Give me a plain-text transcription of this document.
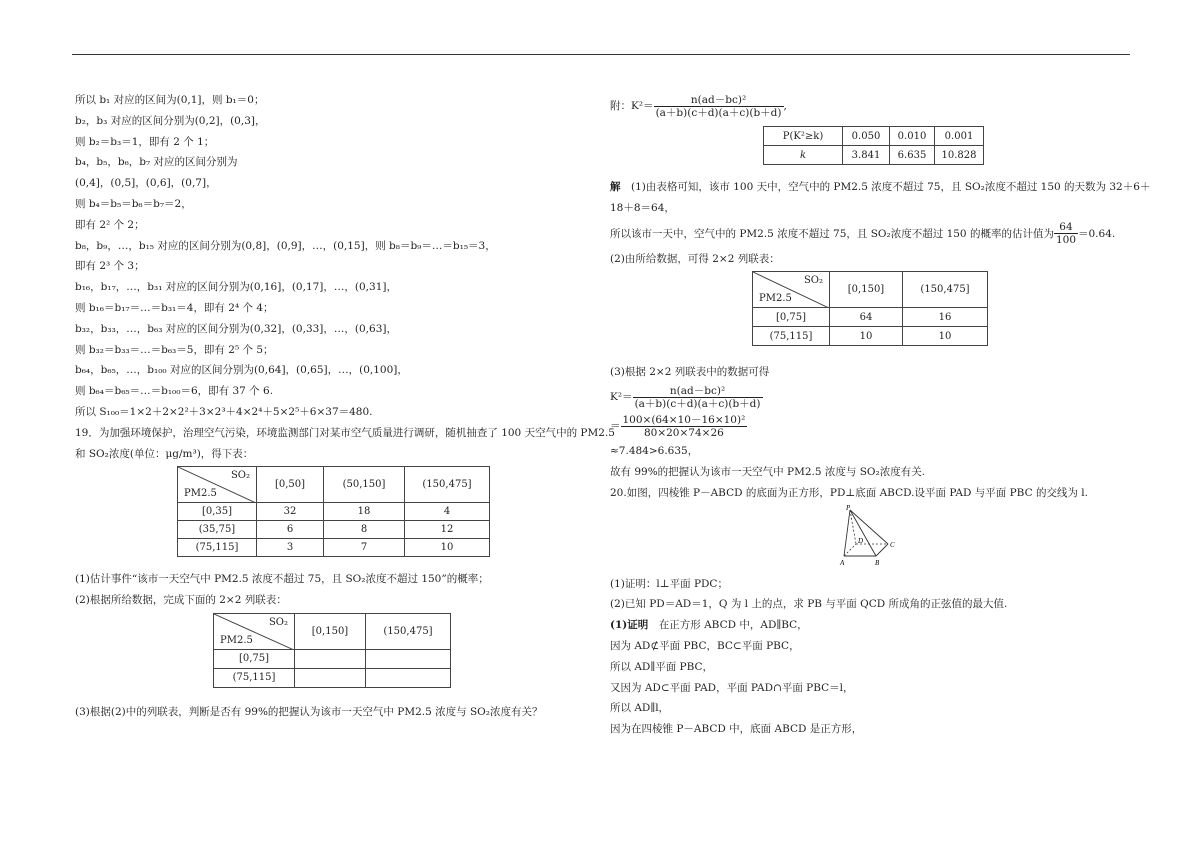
所以 b₁ 对应的区间为(0,1]，则 b₁＝0；
b₂，b₃ 对应的区间分别为(0,2]，(0,3]，
则 b₂＝b₃＝1，即有 2 个 1；
b₄，b₅，b₆，b₇ 对应的区间分别为
(0,4]，(0,5]，(0,6]，(0,7]，
则 b₄＝b₅＝b₆＝b₇＝2，
即有 2² 个 2；
b₈，b₉，…，b₁₅ 对应的区间分别为(0,8]，(0,9]，…，(0,15]，则 b₈＝b₉＝…＝b₁₅＝3，
即有 2³ 个 3；
b₁₆，b₁₇，…，b₃₁ 对应的区间分别为(0,16]，(0,17]，…，(0,31]，
则 b₁₆＝b₁₇＝…＝b₃₁＝4，即有 2⁴ 个 4；
b₃₂，b₃₃，…，b₆₃ 对应的区间分别为(0,32]，(0,33]，…，(0,63]，
则 b₃₂＝b₃₃＝…＝b₆₃＝5，即有 2⁵ 个 5；
b₆₄，b₆₅，…，b₁₀₀ 对应的区间分别为(0,64]，(0,65]，…，(0,100]，
则 b₆₄＝b₆₅＝…＝b₁₀₀＝6，即有 37 个 6.
所以 S₁₀₀＝1×2＋2×2²＋3×2³＋4×2⁴＋5×2⁵＋6×37＝480.
19．为加强环境保护，治理空气污染，环境监测部门对某市空气质量进行调研，随机抽查了 100 天空气中的 PM2.5
和 SO₂浓度(单位：μg/m³)，得下表：
SO₂
PM2.5	[0,50]	(50,150]	(150,475]
[0,35]	32	18	4
(35,75]	6	8	12
(75,115]	3	7	10
(1)估计事件“该市一天空气中 PM2.5 浓度不超过 75，且 SO₂浓度不超过 150”的概率；
(2)根据所给数据，完成下面的 2×2 列联表：
SO₂
PM2.5	[0,150]	(150,475]
[0,75]		
(75,115]		
(3)根据(2)中的列联表，判断是否有 99%的把握认为该市一天空气中 PM2.5 浓度与 SO₂浓度有关？
附：$K^2= \frac{\text{n(ad－bc)²}}{(a+b)(c+d)(a+c)(b+d)}$ ,
P(K²≥k)	0.050	0.010	0.001
k	3.841	6.635	10.828
解　 (1)由表格可知，该市 100 天中，空气中的 PM2.5 浓度不超过 75，且 SO₂浓度不超过 150 的天数为 32＋6＋
18＋8＝64，
所以该市一天中，空气中的 PM2.5 浓度不超过 75，且 SO₂浓度不超过 150 的概率的估计值为 $\frac{64}{100} =0.64$.
(2)由所给数据，可得 2×2 列联表：
SO₂
PM2.5	[0,150]	(150,475]
[0,75]	64	16
(75,115]	10	10
(3)根据 2×2 列联表中的数据可得
$K^2= \frac{\text{n(ad－bc)²}}{(a+b)(c+d)(a+c)(b+d)}$
＝ $\frac{\text{100×(64×10－16×10)²}}{80\times 20\times 74\times 26}$
≈7.484>6.635，
故有 99%的把握认为该市一天空气中 PM2.5 浓度与 SO₂浓度有关.
20.如图，四棱锥 P－ABCD 的底面为正方形，PD⊥底面 ABCD.设平面 PAD 与平面 PBC 的交线为 l.
P
D	C
A	B
(1)证明：l⊥平面 PDC；
(2)已知 PD＝AD＝1，Q 为 l 上的点，求 PB 与平面 QCD 所成角的正弦值的最大值.
(1)证明　在正方形 ABCD 中，AD∥BC，
因为 AD⊄平面 PBC，BC⊂平面 PBC，
所以 AD∥平面 PBC，
又因为 AD⊂平面 PAD，平面 PAD∩平面 PBC＝l，
所以 AD∥l，
因为在四棱锥 P－ABCD 中，底面 ABCD 是正方形，
